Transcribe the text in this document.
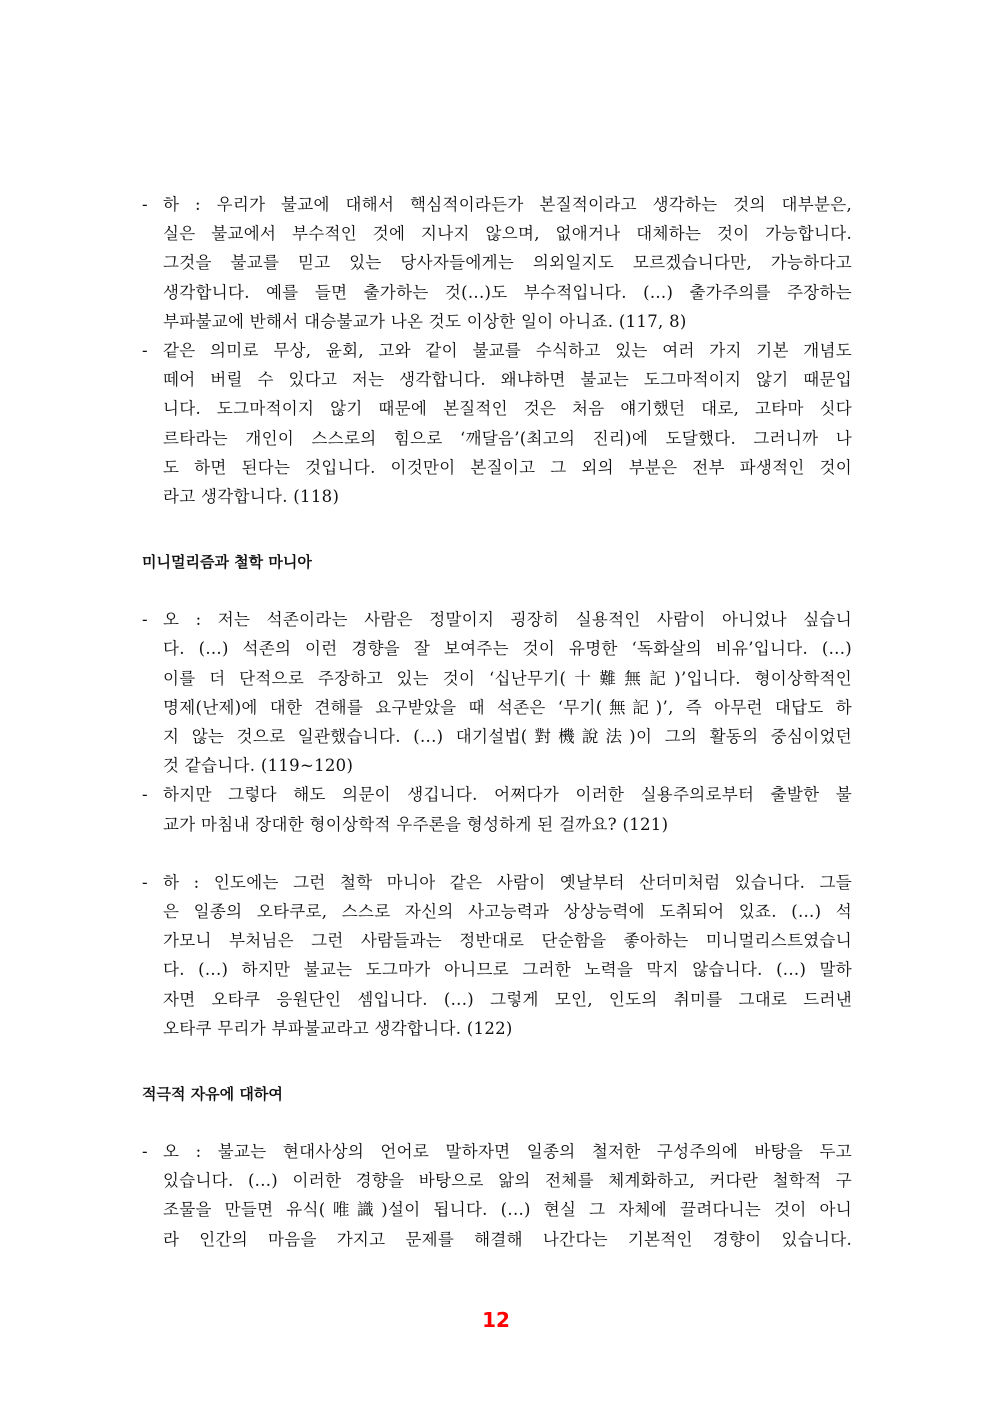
- 하 : 우리가 불교에 대해서 핵심적이라든가 본질적이라고 생각하는 것의 대부분은,
실은 불교에서 부수적인 것에 지나지 않으며, 없애거나 대체하는 것이 가능합니다.
그것을 불교를 믿고 있는 당사자들에게는 의외일지도 모르겠습니다만, 가능하다고
생각합니다. 예를 들면 출가하는 것(...)도 부수적입니다. (...) 출가주의를 주장하는
부파불교에 반해서 대승불교가 나온 것도 이상한 일이 아니죠. (117, 8)
- 같은 의미로 무상, 윤회, 고와 같이 불교를 수식하고 있는 여러 가지 기본 개념도
떼어 버릴 수 있다고 저는 생각합니다. 왜냐하면 불교는 도그마적이지 않기 때문입
니다. 도그마적이지 않기 때문에 본질적인 것은 처음 얘기했던 대로, 고타마 싯다
르타라는 개인이 스스로의 힘으로 ‘깨달음’(최고의 진리)에 도달했다. 그러니까 나
도 하면 된다는 것입니다. 이것만이 본질이고 그 외의 부분은 전부 파생적인 것이
라고 생각합니다. (118)
미니멀리즘과 철학 마니아
- 오 : 저는 석존이라는 사람은 정말이지 굉장히 실용적인 사람이 아니었나 싶습니
다. (...) 석존의 이런 경향을 잘 보여주는 것이 유명한 ‘독화살의 비유’입니다. (...)
이를 더 단적으로 주장하고 있는 것이 ‘십난무기(十難無記)’입니다. 형이상학적인
명제(난제)에 대한 견해를 요구받았을 때 석존은 ‘무기(無記)’, 즉 아무런 대답도 하
지 않는 것으로 일관했습니다. (...) 대기설법(對機說法)이 그의 활동의 중심이었던
것 같습니다. (119~120)
- 하지만 그렇다 해도 의문이 생깁니다. 어쩌다가 이러한 실용주의로부터 출발한 불
교가 마침내 장대한 형이상학적 우주론을 형성하게 된 걸까요? (121)
- 하 : 인도에는 그런 철학 마니아 같은 사람이 옛날부터 산더미처럼 있습니다. 그들
은 일종의 오타쿠로, 스스로 자신의 사고능력과 상상능력에 도취되어 있죠. (...) 석
가모니 부처님은 그런 사람들과는 정반대로 단순함을 좋아하는 미니멀리스트였습니
다. (...) 하지만 불교는 도그마가 아니므로 그러한 노력을 막지 않습니다. (...) 말하
자면 오타쿠 응원단인 셈입니다. (...) 그렇게 모인, 인도의 취미를 그대로 드러낸
오타쿠 무리가 부파불교라고 생각합니다. (122)
적극적 자유에 대하여
- 오 : 불교는 현대사상의 언어로 말하자면 일종의 철저한 구성주의에 바탕을 두고
있습니다. (...) 이러한 경향을 바탕으로 앎의 전체를 체계화하고, 커다란 철학적 구
조물을 만들면 유식(唯識)설이 됩니다. (...) 현실 그 자체에 끌려다니는 것이 아니
라 인간의 마음을 가지고 문제를 해결해 나간다는 기본적인 경향이 있습니다.
12
